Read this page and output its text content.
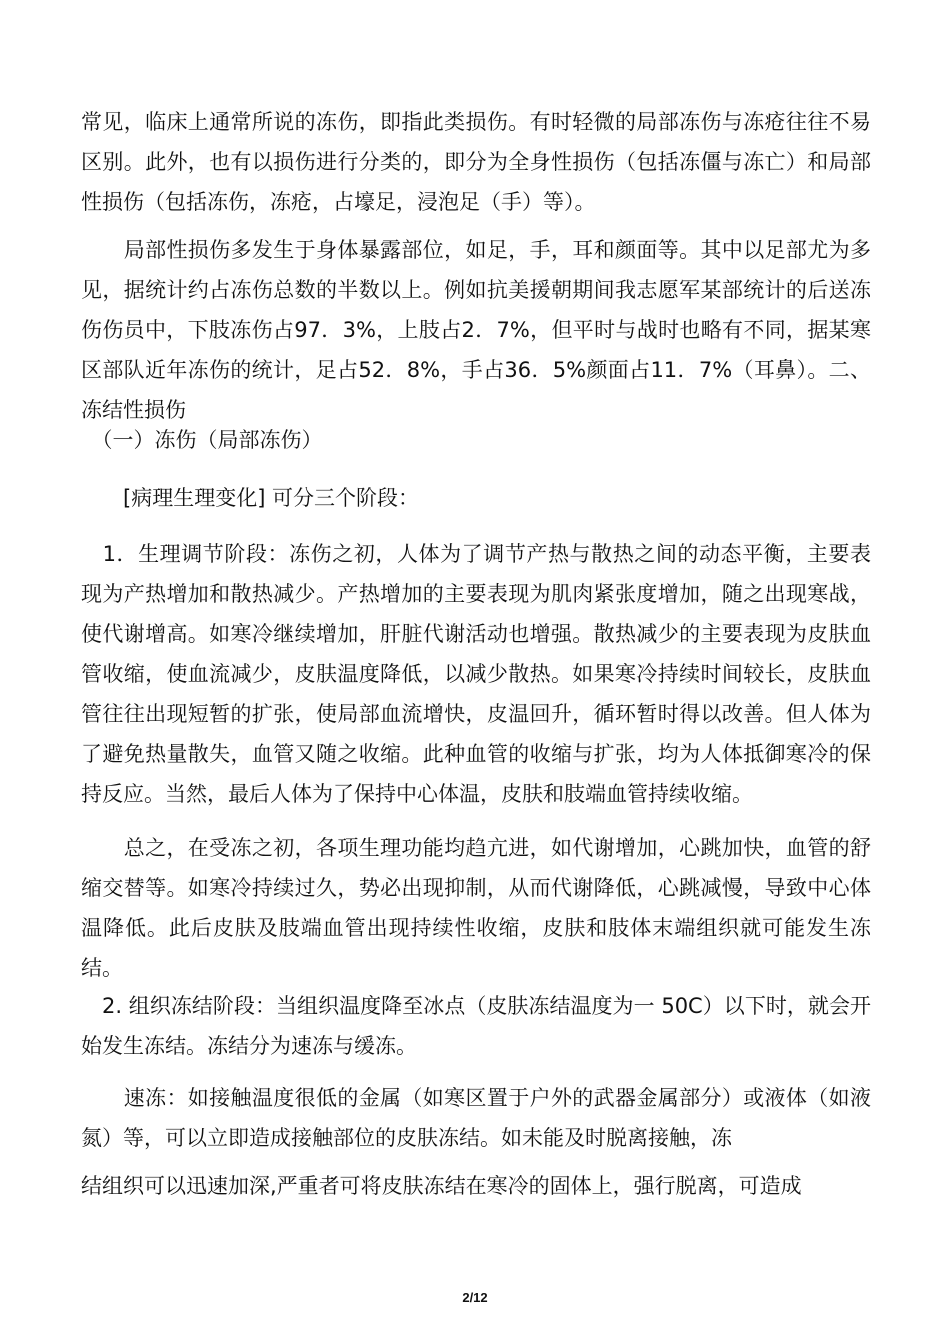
常见，临床上通常所说的冻伤，即指此类损伤。有时轻微的局部冻伤与冻疮往往不易区别。此外，也有以损伤进行分类的，即分为全身性损伤（包括冻僵与冻亡）和局部性损伤（包括冻伤，冻疮，占壕足，浸泡足（手）等）。

　　局部性损伤多发生于身体暴露部位，如足，手，耳和颜面等。其中以足部尤为多见，据统计约占冻伤总数的半数以上。例如抗美援朝期间我志愿军某部统计的后送冻伤伤员中，下肢冻伤占97．3%，上肢占2．7%，但平时与战时也略有不同，据某寒区部队近年冻伤的统计，足占52．8%，手占36．5%颜面占11．7%（耳鼻）。二、冻结性损伤

　（一）冻伤（局部冻伤）

　　[病理生理变化] 可分三个阶段：

　1．生理调节阶段：冻伤之初，人体为了调节产热与散热之间的动态平衡，主要表现为产热增加和散热减少。产热增加的主要表现为肌肉紧张度增加，随之出现寒战，使代谢增高。如寒冷继续增加，肝脏代谢活动也增强。散热减少的主要表现为皮肤血管收缩，使血流减少，皮肤温度降低，以减少散热。如果寒冷持续时间较长，皮肤血管往往出现短暂的扩张，使局部血流增快，皮温回升，循环暂时得以改善。但人体为了避免热量散失，血管又随之收缩。此种血管的收缩与扩张，均为人体抵御寒冷的保持反应。当然，最后人体为了保持中心体温，皮肤和肢端血管持续收缩。

　　总之，在受冻之初，各项生理功能均趋亢进，如代谢增加，心跳加快，血管的舒缩交替等。如寒冷持续过久，势必出现抑制，从而代谢降低，心跳减慢，导致中心体温降低。此后皮肤及肢端血管出现持续性收缩，皮肤和肢体末端组织就可能发生冻结。

　2. 组织冻结阶段：当组织温度降至冰点（皮肤冻结温度为一 50C）以下时，就会开始发生冻结。冻结分为速冻与缓冻。

　　速冻：如接触温度很低的金属（如寒区置于户外的武器金属部分）或液体（如液氮）等，可以立即造成接触部位的皮肤冻结。如未能及时脱离接触，冻

结组织可以迅速加深,严重者可将皮肤冻结在寒冷的固体上，强行脱离，可造成

2/12
